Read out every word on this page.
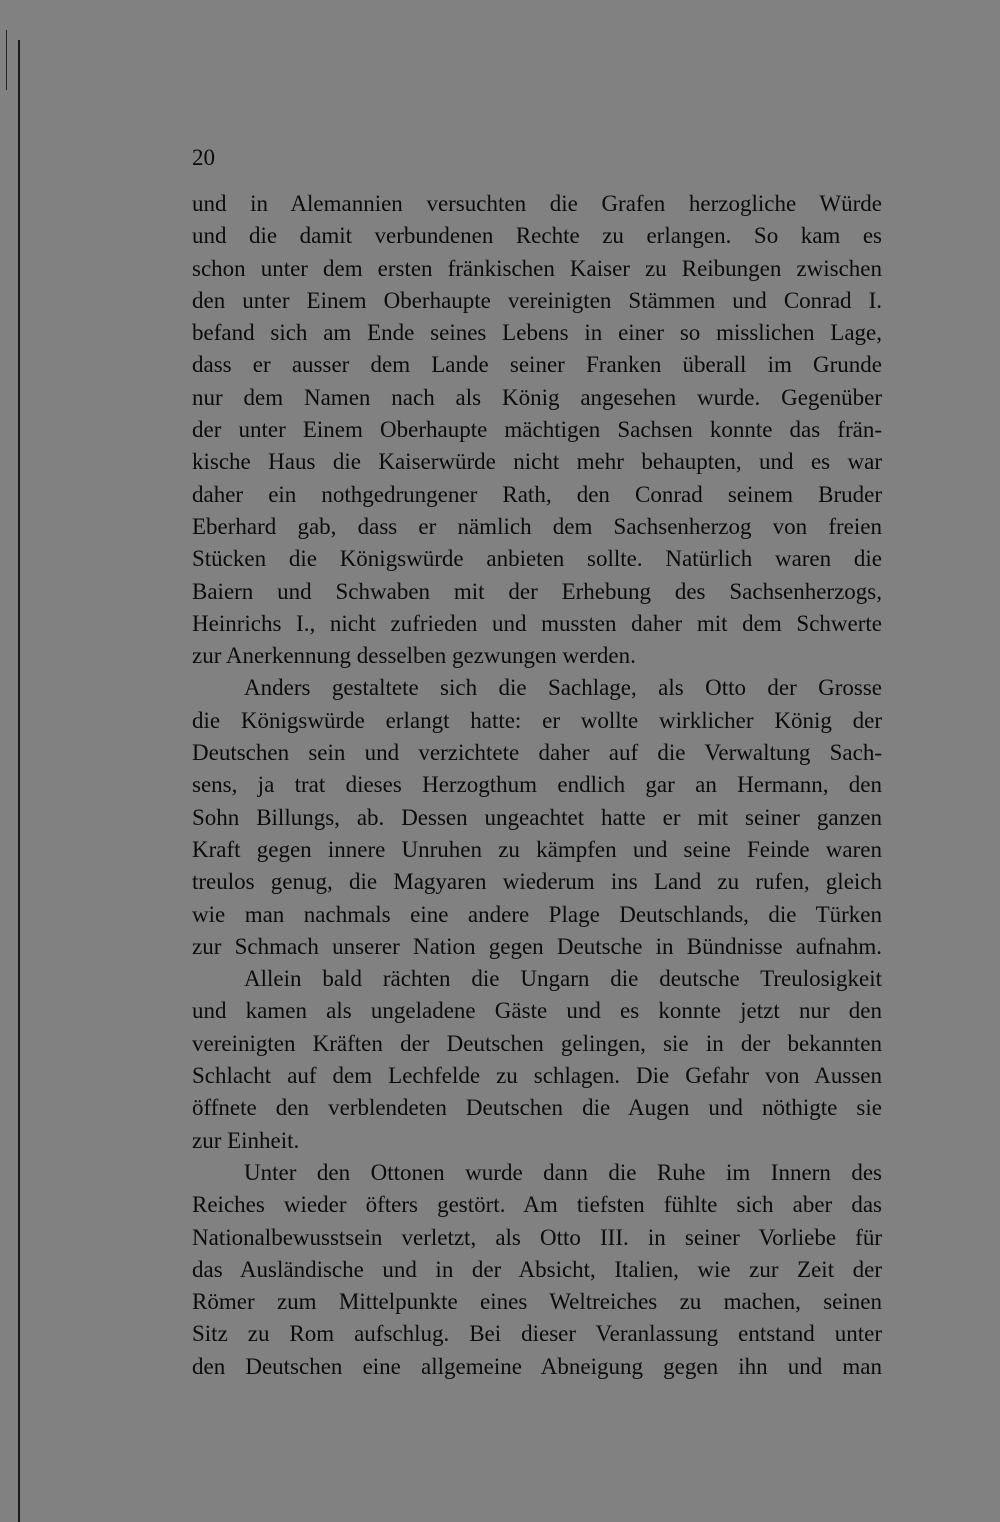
20
und in Alemannien versuchten die Grafen herzogliche Würde
und die damit verbundenen Rechte zu erlangen. So kam es
schon unter dem ersten fränkischen Kaiser zu Reibungen zwischen
den unter Einem Oberhaupte vereinigten Stämmen und Conrad I.
befand sich am Ende seines Lebens in einer so misslichen Lage,
dass er ausser dem Lande seiner Franken überall im Grunde
nur dem Namen nach als König angesehen wurde. Gegenüber
der unter Einem Oberhaupte mächtigen Sachsen konnte das frän-
kische Haus die Kaiserwürde nicht mehr behaupten, und es war
daher ein nothgedrungener Rath, den Conrad seinem Bruder
Eberhard gab, dass er nämlich dem Sachsenherzog von freien
Stücken die Königswürde anbieten sollte. Natürlich waren die
Baiern und Schwaben mit der Erhebung des Sachsenherzogs,
Heinrichs I., nicht zufrieden und mussten daher mit dem Schwerte
zur Anerkennung desselben gezwungen werden.
Anders gestaltete sich die Sachlage, als Otto der Grosse
die Königswürde erlangt hatte: er wollte wirklicher König der
Deutschen sein und verzichtete daher auf die Verwaltung Sach-
sens, ja trat dieses Herzogthum endlich gar an Hermann, den
Sohn Billungs, ab. Dessen ungeachtet hatte er mit seiner ganzen
Kraft gegen innere Unruhen zu kämpfen und seine Feinde waren
treulos genug, die Magyaren wiederum ins Land zu rufen, gleich
wie man nachmals eine andere Plage Deutschlands, die Türken
zur Schmach unserer Nation gegen Deutsche in Bündnisse aufnahm.
Allein bald rächten die Ungarn die deutsche Treulosigkeit
und kamen als ungeladene Gäste und es konnte jetzt nur den
vereinigten Kräften der Deutschen gelingen, sie in der bekannten
Schlacht auf dem Lechfelde zu schlagen. Die Gefahr von Aussen
öffnete den verblendeten Deutschen die Augen und nöthigte sie
zur Einheit.
Unter den Ottonen wurde dann die Ruhe im Innern des
Reiches wieder öfters gestört. Am tiefsten fühlte sich aber das
Nationalbewusstsein verletzt, als Otto III. in seiner Vorliebe für
das Ausländische und in der Absicht, Italien, wie zur Zeit der
Römer zum Mittelpunkte eines Weltreiches zu machen, seinen
Sitz zu Rom aufschlug. Bei dieser Veranlassung entstand unter
den Deutschen eine allgemeine Abneigung gegen ihn und man
